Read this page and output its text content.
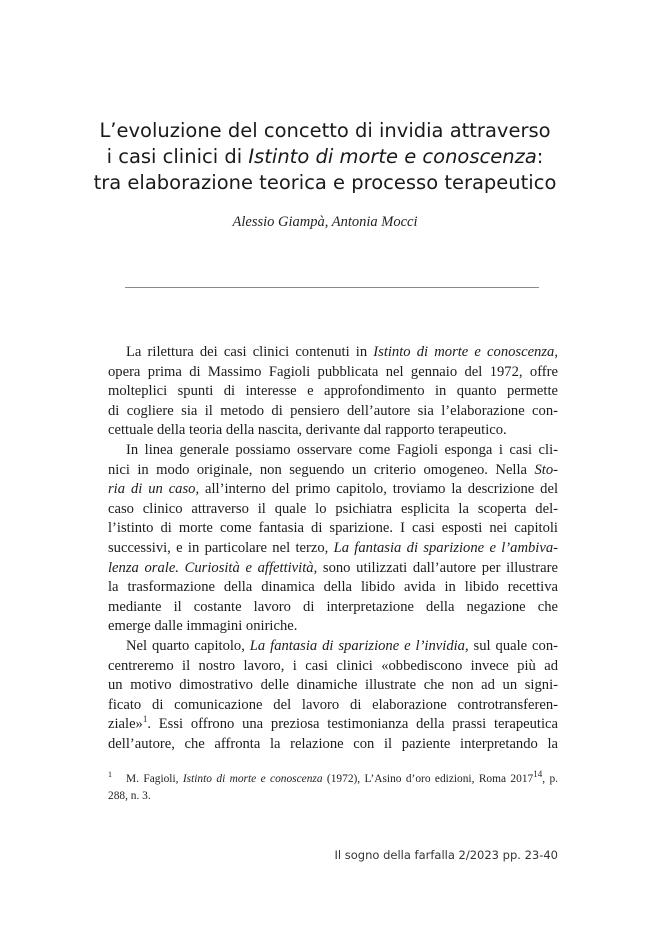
L’evoluzione del concetto di invidia attraverso
i casi clinici di Istinto di morte e conoscenza:
tra elaborazione teorica e processo terapeutico
Alessio Giampà, Antonia Mocci
La rilettura dei casi clinici contenuti in Istinto di morte e conoscenza,
opera prima di Massimo Fagioli pubblicata nel gennaio del 1972, offre
molteplici spunti di interesse e approfondimento in quanto permette
di cogliere sia il metodo di pensiero dell’autore sia l’elaborazione con-
cettuale della teoria della nascita, derivante dal rapporto terapeutico.
In linea generale possiamo osservare come Fagioli esponga i casi cli-
nici in modo originale, non seguendo un criterio omogeneo. Nella Sto-
ria di un caso, all’interno del primo capitolo, troviamo la descrizione del
caso clinico attraverso il quale lo psichiatra esplicita la scoperta del-
l’istinto di morte come fantasia di sparizione. I casi esposti nei capitoli
successivi, e in particolare nel terzo, La fantasia di sparizione e l’ambiva-
lenza orale. Curiosità e affettività, sono utilizzati dall’autore per illustrare
la trasformazione della dinamica della libido avida in libido recettiva
mediante il costante lavoro di interpretazione della negazione che
emerge dalle immagini oniriche.
Nel quarto capitolo, La fantasia di sparizione e l’invidia, sul quale con-
centreremo il nostro lavoro, i casi clinici «obbediscono invece più ad
un motivo dimostrativo delle dinamiche illustrate che non ad un signi-
ficato di comunicazione del lavoro di elaborazione controtransferen-
ziale»$^1$. Essi offrono una preziosa testimonianza della prassi terapeutica
dell’autore, che affronta la relazione con il paziente interpretando la
1 M. Fagioli, Istinto di morte e conoscenza (1972), L’Asino d’oro edizioni, Roma 2017$^{14}$, p.
288, n. 3.
Il sogno della farfalla 2/2023 pp. 23-40
